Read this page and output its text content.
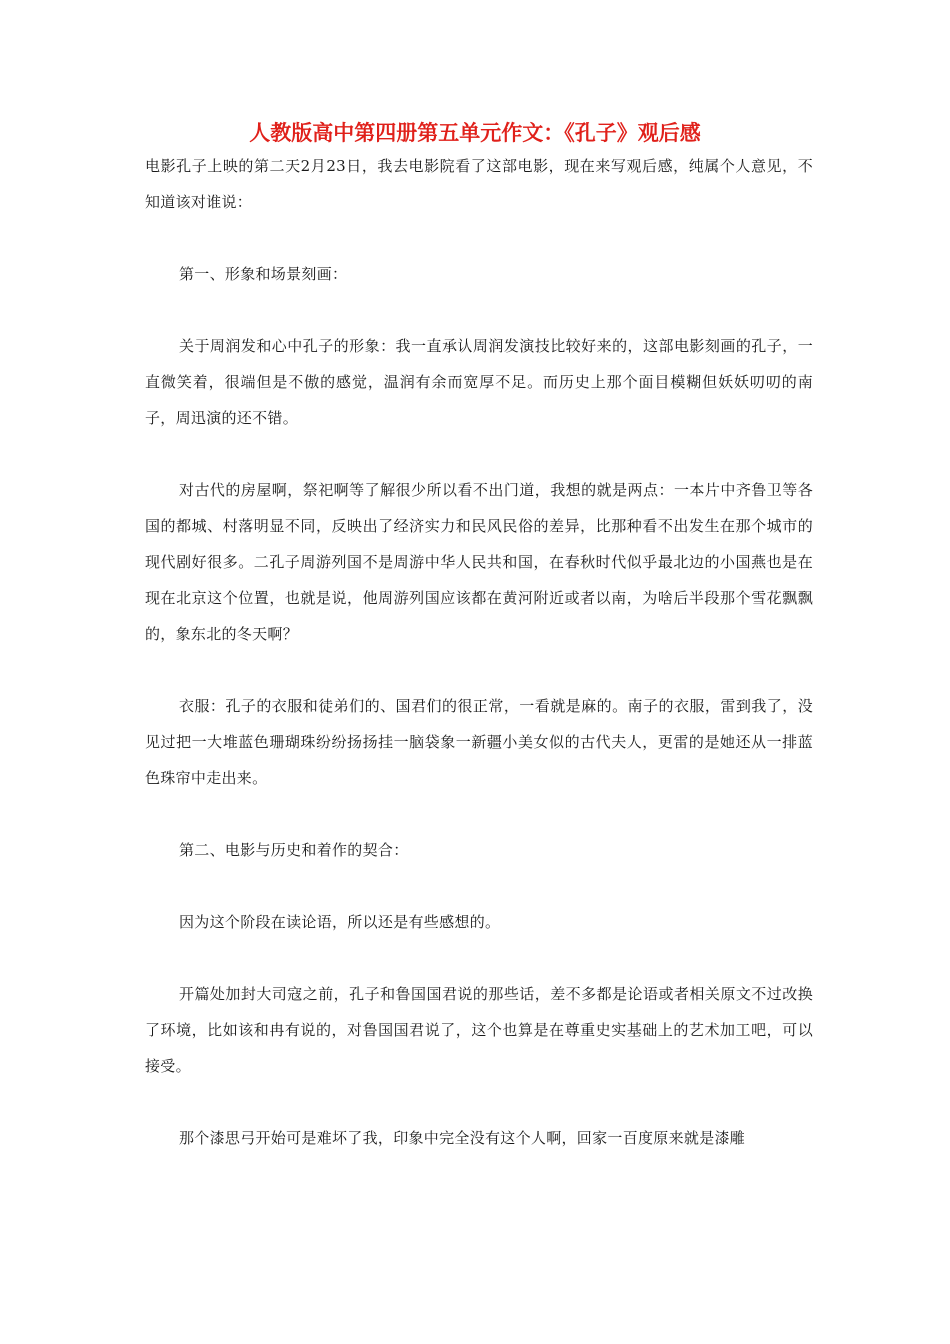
人教版高中第四册第五单元作文：《孔子》观后感

电影孔子上映的第二天2月23日，我去电影院看了这部电影，现在来写观后感，纯属个人意见，不知道该对谁说：

第一、形象和场景刻画：

关于周润发和心中孔子的形象：我一直承认周润发演技比较好来的，这部电影刻画的孔子，一直微笑着，很端但是不傲的感觉，温润有余而宽厚不足。而历史上那个面目模糊但妖妖叨叨的南子，周迅演的还不错。

对古代的房屋啊，祭祀啊等了解很少所以看不出门道，我想的就是两点：一本片中齐鲁卫等各国的都城、村落明显不同，反映出了经济实力和民风民俗的差异，比那种看不出发生在那个城市的现代剧好很多。二孔子周游列国不是周游中华人民共和国，在春秋时代似乎最北边的小国燕也是在现在北京这个位置，也就是说，他周游列国应该都在黄河附近或者以南，为啥后半段那个雪花飘飘的，象东北的冬天啊？

衣服：孔子的衣服和徒弟们的、国君们的很正常，一看就是麻的。南子的衣服，雷到我了，没见过把一大堆蓝色珊瑚珠纷纷扬扬挂一脑袋象一新疆小美女似的古代夫人，更雷的是她还从一排蓝色珠帘中走出来。

第二、电影与历史和着作的契合：

因为这个阶段在读论语，所以还是有些感想的。

开篇处加封大司寇之前，孔子和鲁国国君说的那些话，差不多都是论语或者相关原文不过改换了环境，比如该和冉有说的，对鲁国国君说了，这个也算是在尊重史实基础上的艺术加工吧，可以接受。

那个漆思弓开始可是难坏了我，印象中完全没有这个人啊，回家一百度原来就是漆雕
